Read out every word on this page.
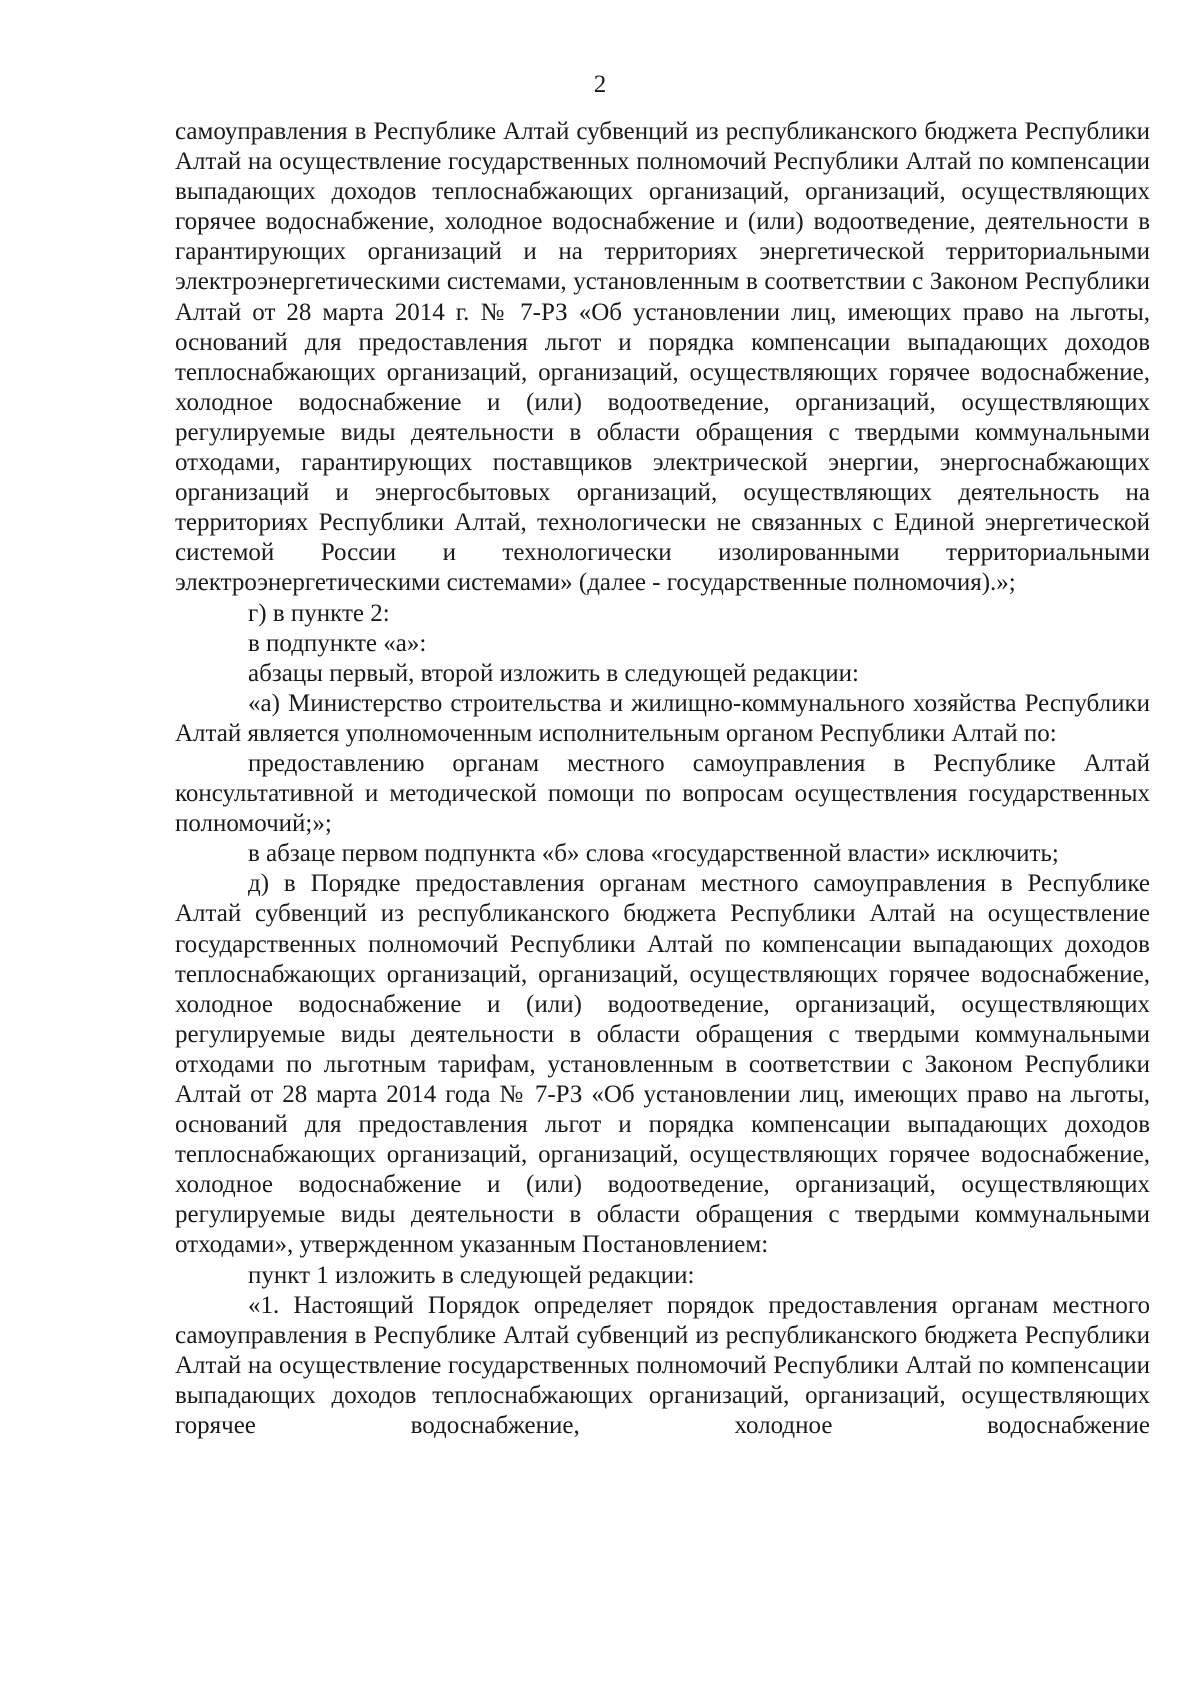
2

самоуправления в Республике Алтай субвенций из республиканского бюджета Республики Алтай на осуществление государственных полномочий Республики Алтай по компенсации выпадающих доходов теплоснабжающих организаций, организаций, осуществляющих горячее водоснабжение, холодное водоснабжение и (или) водоотведение, деятельности в гарантирующих организаций и на территориях энергетической территориальными электроэнергетическими системами, установленным в соответствии с Законом Республики Алтай от 28 марта 2014 г. № 7-РЗ «Об установлении лиц, имеющих право на льготы, оснований для предоставления льгот и порядка компенсации выпадающих доходов теплоснабжающих организаций, организаций, осуществляющих горячее водоснабжение, холодное водоснабжение и (или) водоотведение, организаций, осуществляющих регулируемые виды деятельности в области обращения с твердыми коммунальными отходами, гарантирующих поставщиков электрической энергии, энергоснабжающих организаций и энергосбытовых организаций, осуществляющих деятельность на территориях Республики Алтай, технологически не связанных с Единой энергетической системой России и технологически изолированными территориальными электроэнергетическими системами» (далее - государственные полномочия).»;

г) в пункте 2:

в подпункте «а»:

абзацы первый, второй изложить в следующей редакции:

«а) Министерство строительства и жилищно-коммунального хозяйства Республики Алтай является уполномоченным исполнительным органом Республики Алтай по:

предоставлению органам местного самоуправления в Республике Алтай консультативной и методической помощи по вопросам осуществления государственных полномочий;»;

в абзаце первом подпункта «б» слова «государственной власти» исключить;

д) в Порядке предоставления органам местного самоуправления в Республике Алтай субвенций из республиканского бюджета Республики Алтай на осуществление государственных полномочий Республики Алтай по компенсации выпадающих доходов теплоснабжающих организаций, организаций, осуществляющих горячее водоснабжение, холодное водоснабжение и (или) водоотведение, организаций, осуществляющих регулируемые виды деятельности в области обращения с твердыми коммунальными отходами по льготным тарифам, установленным в соответствии с Законом Республики Алтай от 28 марта 2014 года № 7-РЗ «Об установлении лиц, имеющих право на льготы, оснований для предоставления льгот и порядка компенсации выпадающих доходов теплоснабжающих организаций, организаций, осуществляющих горячее водоснабжение, холодное водоснабжение и (или) водоотведение, организаций, осуществляющих регулируемые виды деятельности в области обращения с твердыми коммунальными отходами», утвержденном указанным Постановлением:

пункт 1 изложить в следующей редакции:

«1. Настоящий Порядок определяет порядок предоставления органам местного самоуправления в Республике Алтай субвенций из республиканского бюджета Республики Алтай на осуществление государственных полномочий Республики Алтай по компенсации выпадающих доходов теплоснабжающих организаций, организаций, осуществляющих горячее водоснабжение, холодное водоснабжение
